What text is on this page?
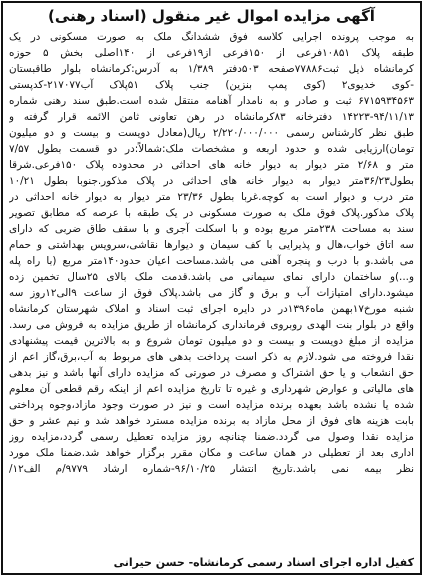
آگهی مزایده اموال غیر منقول (اسناد رهنی)
به موجب پرونده اجرایی کلاسه فوق ششدانگ ملک به صورت مسکونی در یک
طبقه پلاک ۱۰۸۵۱فرعی از ۱۵۰فرعی از۱۹فرعی از ۱۴۰اصلی بخش ۵ حوزه
کرمانشاه ذیل ثبت۷۷۸۸۶صفحه ۵۰۳دفتر ۱/۳۸۹ به آدرس:کرمانشاه بلوار طاقبستان
-کوی خدیوی۲ (کوی پمپ بنزین) جنب پلاک ۵۱پلاک آب۲۱۷۰۷۷-کدپستی
۶۷۱۵۹۳۴۵۶۳ ثبت و صادر و به نامدار آهنامه منتقل شده است.طبق سند رهنی شماره
۱۴۲۲۳-۹۴/۱۱/۱۳ دفترخانه ۸۳کرمانشاه در رهن تعاونی ثامن الائمه قرار گرفته و
طبق نظر کارشناس رسمی ۲/۲۲۰/۰۰۰/۰۰۰ ریال(معادل دویست و بیست و دو میلیون
تومان)ارزیابی شده و حدود اربعه و مشخصات ملک:شمالاً:در دو قسمت بطول ۷/۵۷
متر و ۲/۶۸ متر دیوار به دیوار خانه های احداثی در محدوده پلاک ۱۵۰فرعی.شرقا
بطول۳۶/۲۳متر دیوار به دیوار خانه های احداثی در پلاک مذکور.جنوبا بطول ۱۰/۲۱
متر درب و دیوار است به کوچه.غربا بطول ۲۳/۳۶ متر دیوار به دیوار خانه احداثی در
پلاک مذکور.پلاک فوق ملک به صورت مسکونی در یک طبقه با عرصه که مطابق تصویر
سند به مساحت ۲۳۸متر مربع بوده و با اسکلت آجری و با سقف طاق ضربی که دارای
سه اتاق خواب،هال و پذیرایی با کف سیمان و دیوارها نقاشی،سرویس بهداشتی و حمام
می باشد.و با درب و پنجره آهنی می باشد.مساحت اعیان حدود۱۴۰متر مربع (با راه پله
و...)و ساختمان دارای نمای سیمانی می باشد.قدمت ملک بالای ۲۵سال تخمین زده
میشود.دارای امتیازات آب و برق و گاز می باشد.پلاک فوق از ساعت ۹الی۱۲روز سه
شنبه مورخ۱۷بهمن ماه۱۳۹۶در در دایره اجرای ثبت اسناد و املاک شهرستان کرمانشاه
واقع در بلوار بنت الهدی روبروی فرمانداری کرمانشاه از طریق مزایده به فروش می رسد.
مزایده از مبلغ دویست و بیست و دو میلیون تومان شروع و به بالاترین قیمت پیشنهادی
نقدا فروخته می شود.لازم به ذکر است پرداخت بدهی های مربوط به آب،برق،گاز اعم از
حق انشعاب و یا حق اشتراک و مصرف در صورتی که مزایده دارای آنها باشد و نیز بدهی
های مالیاتی و عوارض شهرداری و غیره تا تاریخ مزایده اعم از اینکه رقم قطعی آن معلوم
شده یا نشده باشد بعهده برنده مزایده است و نیز در صورت وجود مازاد،وجوه پرداختی
بابت هزینه های فوق از محل مازاد به برنده مزایده مسترد خواهد شد و نیم عشر و حق
مزایده نقدا وصول می گردد.ضمنا چنانچه روز مزایده تعطیل رسمی گردد،مزایده روز
اداری بعد از تعطیلی در همان ساعت و مکان مقرر برگزار خواهد شد.ضمنا ملک مورد
نظر بیمه نمی باشد.تاریخ انتشار ۹۶/۱۰/۲۵-شماره ارشاد ۹۷۷۹/م الف۱۲/
کفیل اداره اجرای اسناد رسمی کرمانشاه- حسن حیرانی
